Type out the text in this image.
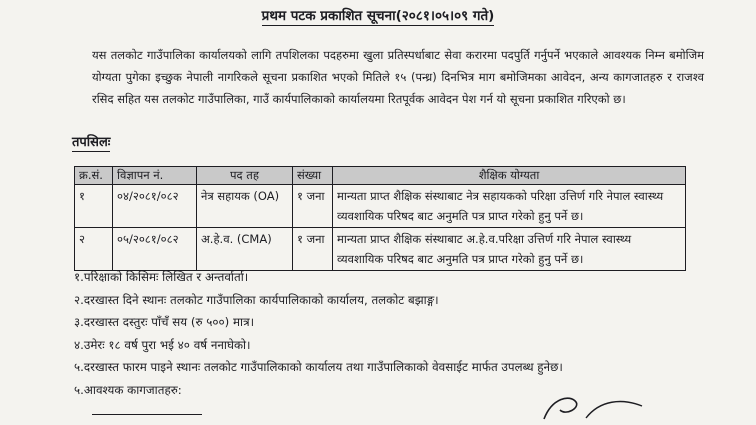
प्रथम पटक प्रकाशित सूचना(२०८१।०५।०९ गते)
यस तलकोट गाउँपालिका कार्यालयको लागि तपशिलका पदहरुमा खुला प्रतिस्पर्धाबाट सेवा करारमा पदपुर्ति गर्नुपर्ने भएकाले आवश्यक निम्न बमोजिम योग्यता पुगेका इच्छुक नेपाली नागरिकले सूचना प्रकाशित भएको मितिले १५ (पन्ध्र) दिनभित्र माग बमोजिमका आवेदन, अन्य कागजातहरु र राजश्व रसिद सहित यस तलकोट गाउँपालिका, गाउँ कार्यपालिकाको कार्यालयमा रितपूर्वक आवेदन पेश गर्न यो सूचना प्रकाशित गरिएको छ।
तपसिलः
क्र.सं.	विज्ञापन नं.	पद तह	संख्या	शैक्षिक योग्यता
१	०४/२०८१/०८२	नेत्र सहायक (OA)	१ जना	मान्यता प्राप्त शैक्षिक संस्थाबाट नेत्र सहायकको परिक्षा उत्तिर्ण गरि नेपाल स्वास्थ्य व्यवशायिक परिषद बाट अनुमति पत्र प्राप्त गरेको हुनु पर्ने छ।
२	०५/२०८१/०८२	अ.हे.व. (CMA)	१ जना	मान्यता प्राप्त शैक्षिक संस्थाबाट अ.हे.व.परिक्षा उत्तिर्ण गरि नेपाल स्वास्थ्य व्यवशायिक परिषद बाट अनुमति पत्र प्राप्त गरेको हुनु पर्ने छ।
१.परिक्षाको किसिमः लिखित र अन्तर्वार्ता।
२.दरखास्त दिने स्थानः तलकोट गाउँपालिका कार्यपालिकाको कार्यालय, तलकोट बझाङ्ग।
३.दरखास्त दस्तुरः पाँचँ सय (रु ५००) मात्र।
४.उमेरः १८ वर्ष पुरा भई ४० वर्ष ननाघेको।
५.दरखास्त फारम पाइने स्थानः तलकोट गाउँपालिकाको कार्यालय तथा गाउँपालिकाको वेवसाईट मार्फत उपलब्ध हुनेछ।
५.आवश्यक कागजातहरु:
